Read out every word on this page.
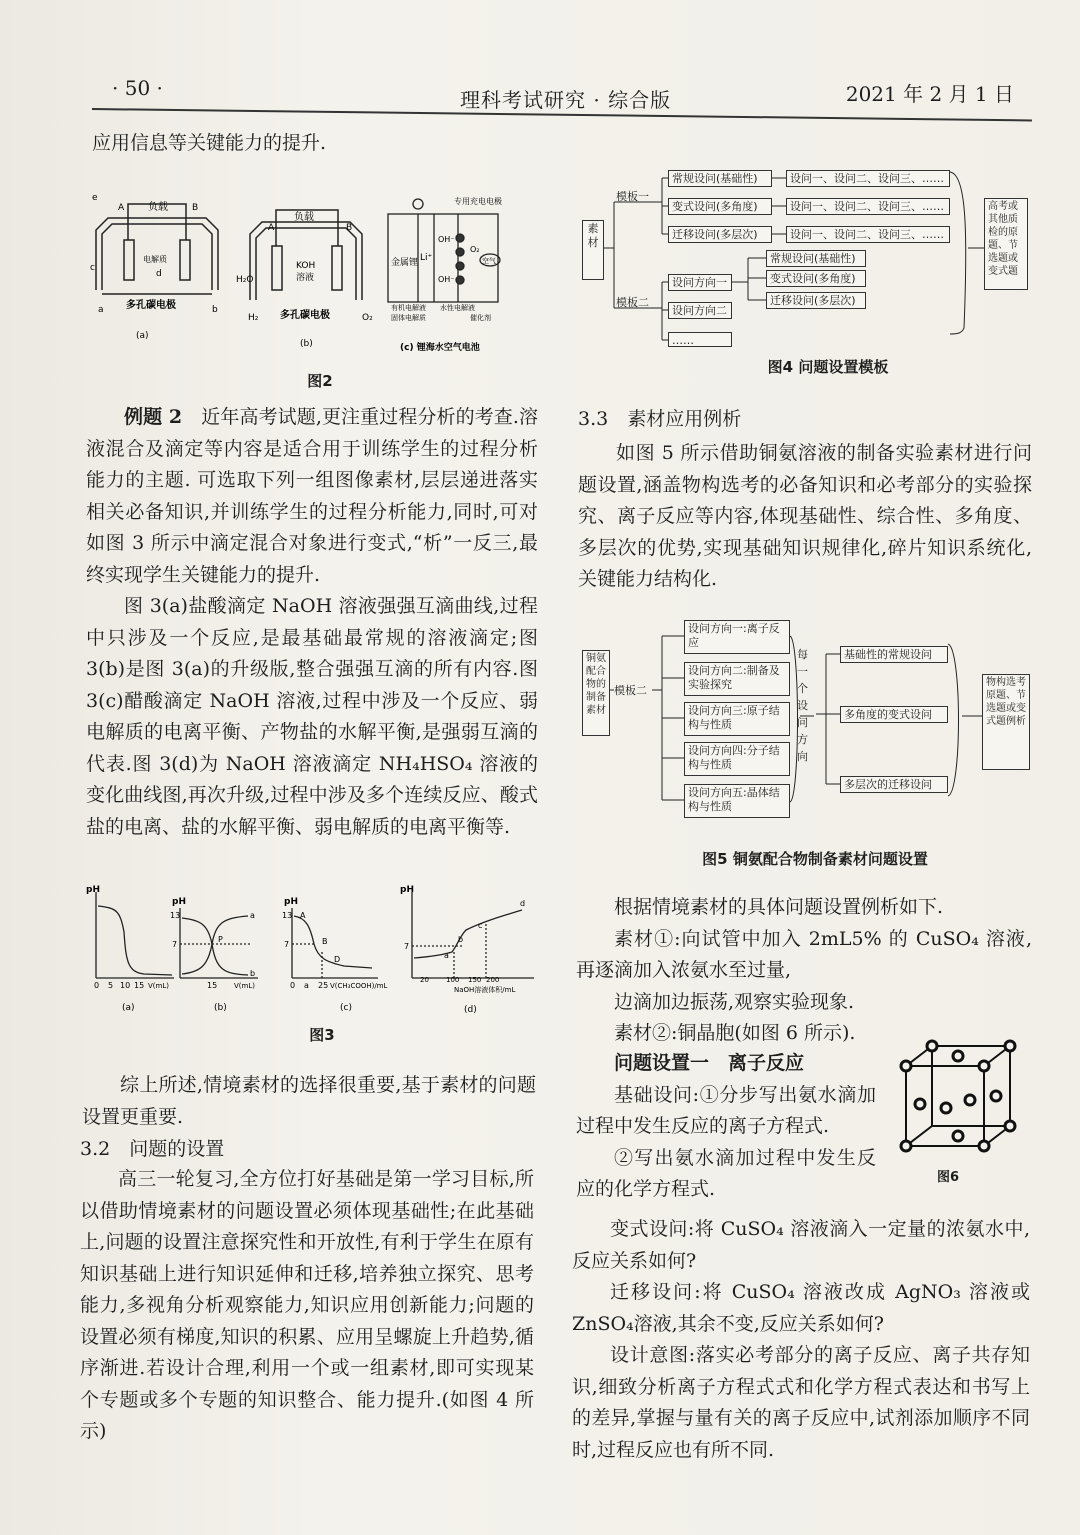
· 50 ·	理科考试研究 · 综合版	2021 年 2 月 1 日
应用信息等关键能力的提升.
负载
电解质
d
A	B
c
e
a	b
多孔碳电极
(a)
负载
A	B
KOH
溶液
H₂O
H₂	O₂
多孔碳电极
(b)
专用充电电极
金属锂 Li⁺
OH⁻
OH⁻
O₂
空气
有机电解液
固体电解质
水性电解液
催化剂
(c) 锂海水空气电池
图2

例题 2　 近年高考试题,更注重过程分析的考查.溶液混合及滴定等内容是适合用于训练学生的过程分析能力的主题. 可选取下列一组图像素材,层层递进落实相关必备知识,并训练学生的过程分析能力,同时,可对如图 3 所示中滴定混合对象进行变式,“析”一反三,最终实现学生关键能力的提升.

图 3(a)盐酸滴定 NaOH 溶液强强互滴曲线,过程中只涉及一个反应,是最基础最常规的溶液滴定;图 3(b)是图 3(a)的升级版,整合强强互滴的所有内容.图 3(c)醋酸滴定 NaOH 溶液,过程中涉及一个反应、弱电解质的电离平衡、产物盐的水解平衡,是强弱互滴的代表.图 3(d)为 NaOH 溶液滴定 NH₄HSO₄ 溶液的变化曲线图,再次升级,过程中涉及多个连续反应、酸式盐的电离、盐的水解平衡、弱电解质的电离平衡等.

pH
0 5 10 15 V(mL)
(a)
pH
13
7
15 V(mL)
P
a
b
(b)
pH
13
7
A
B
D
0 a 25 V(CH₃COOH)/mL
(c)
pH
7
20 100 150 200
NaOH溶液体积/mL
a
b
c
d
(d)
图3

综上所述,情境素材的选择很重要,基于素材的问题设置更重要.

3.2　问题的设置

高三一轮复习,全方位打好基础是第一学习目标,所以借助情境素材的问题设置必须体现基础性;在此基础上,问题的设置注意探究性和开放性,有利于学生在原有知识基础上进行知识延伸和迁移,培养独立探究、思考能力,多视角分析观察能力,知识应用创新能力;问题的设置必须有梯度,知识的积累、应用呈螺旋上升趋势,循序渐进.若设计合理,利用一个或一组素材,即可实现某个专题或多个专题的知识整合、能力提升.(如图 4 所示)

素材
模板一
模板二
常规设问(基础性)	设问一、设问二、设问三、……
变式设问(多角度)	设问一、设问二、设问三、……
迁移设问(多层次)	设问一、设问二、设问三、……
设问方向一
设问方向二
……
常规设问(基础性)
变式设问(多角度)
迁移设问(多层次)
高考或其他质检的原题、节选题或变式题
图4 问题设置模板
3.3　素材应用例析

如图 5 所示借助铜氨溶液的制备实验素材进行问题设置,涵盖物构选考的必备知识和必考部分的实验探究、离子反应等内容,体现基础性、综合性、多角度、多层次的优势,实现基础知识规律化,碎片知识系统化,关键能力结构化.

铜氨配合物的制备素材
模板二
设问方向一:离子反应
设问方向二:制备及实验探究
设问方向三:原子结构与性质
设问方向四:分子结构与性质
设问方向五:晶体结构与性质
每一个设问方向
基础性的常规设问
多角度的变式设问
多层次的迁移设问
物构选考原题、节选题或变式题例析
图5 铜氨配合物制备素材问题设置

根据情境素材的具体问题设置例析如下.

素材①:向试管中加入 2mL5% 的 CuSO₄ 溶液,再逐滴加入浓氨水至过量,

边滴加边振荡,观察实验现象.

素材②:铜晶胞(如图 6 所示).

问题设置一　离子反应

基础设问:①分步写出氨水滴加过程中发生反应的离子方程式.

②写出氨水滴加过程中发生反应的化学方程式.

图6

变式设问:将 CuSO₄ 溶液滴入一定量的浓氨水中,反应关系如何?

迁移设问:将 CuSO₄ 溶液改成 AgNO₃ 溶液或 ZnSO₄溶液,其余不变,反应关系如何?

设计意图:落实必考部分的离子反应、离子共存知识,细致分析离子方程式式和化学方程式表达和书写上的差异,掌握与量有关的离子反应中,试剂添加顺序不同时,过程反应也有所不同.
